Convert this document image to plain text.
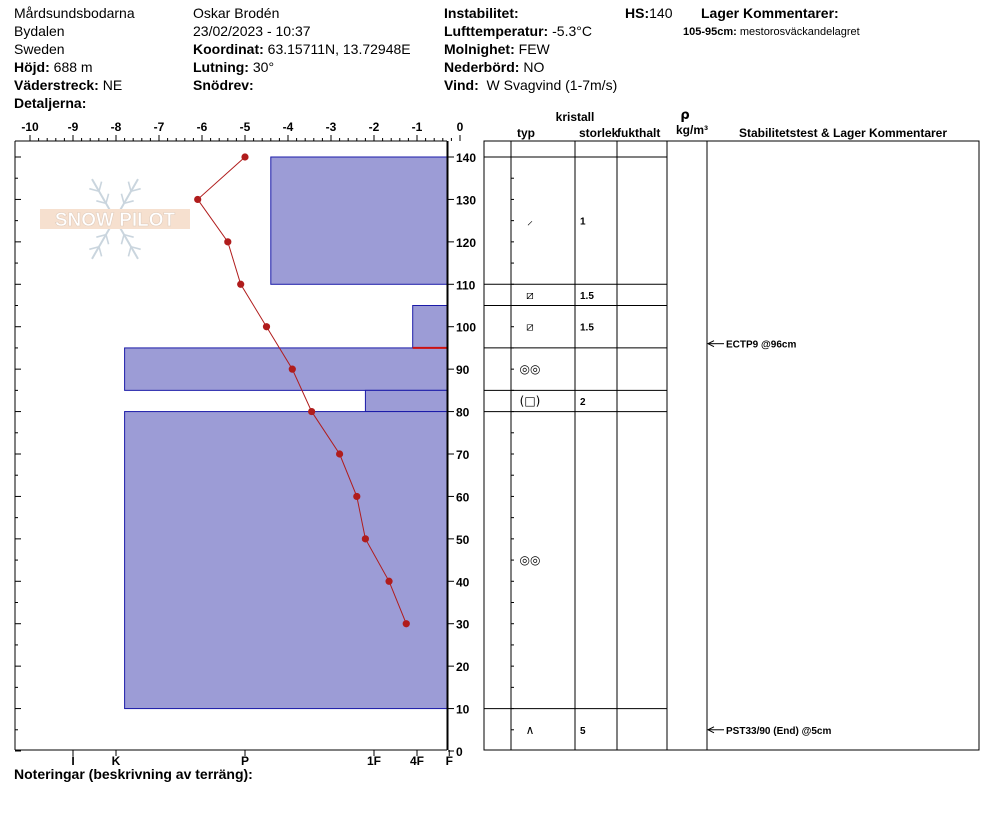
Mårdsundsbodarna
Bydalen
Sweden
Höjd: 688 m
Väderstreck: NE
Detaljerna:
Oskar Brodén
23/02/2023 - 10:37
Koordinat: 63.15711N, 13.72948E
Lutning: 30°
Snödrev:
Instabilitet:
Lufttemperatur: -5.3°C
Molnighet: FEW
Nederbörd: NO
Vind: W Svagvind (1-7m/s)
HS:140 Lager Kommentarer:
105-95cm: mestorosväckandelagret
SNOW PILOT
-10 -9	-8	-7	-6	-5	-4	-3	-2	-1	0
I	K	P	1F 4F F
0
10
20
30
40
50
60
70
80
90
100
110
120
130
140
kristall
typ	storlek
fukthalt
ρ
kg/m³	Stabilitetstest & Lager Kommentarer
⸝	1
⧄	1.5
⧄	1.5
◎◎
(□)	2
◎◎
∧	5
ECTP9 @96cm
PST33/90 (End) @5cm
Noteringar (beskrivning av terräng):
